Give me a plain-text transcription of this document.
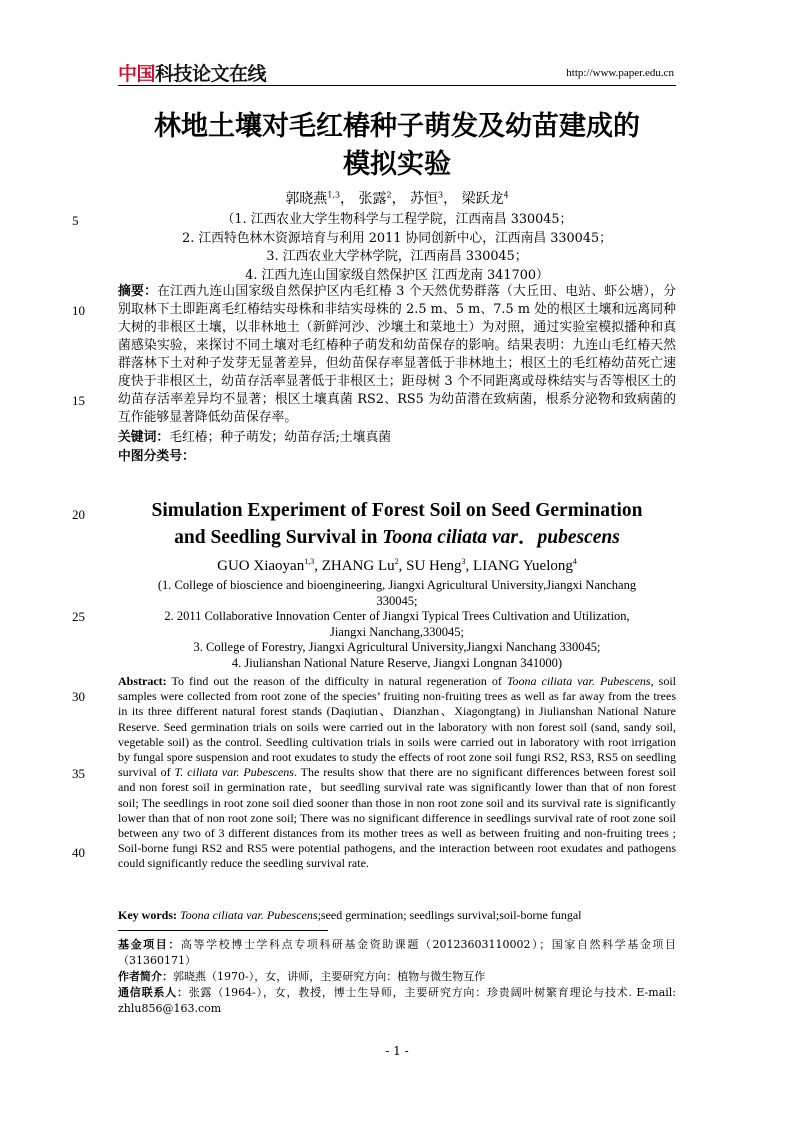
中国科技论文在线	http://www.paper.edu.cn
林地土壤对毛红椿种子萌发及幼苗建成的
模拟实验
郭晓燕$^{1,3}$， 张露$^2$， 苏恒$^3$， 梁跃龙$^4$
（1. 江西农业大学生物科学与工程学院，江西南昌 330045；
2. 江西特色林木资源培育与利用 2011 协同创新中心，江西南昌 330045；
3. 江西农业大学林学院，江西南昌 330045；
4. 江西九连山国家级自然保护区 江西龙南 341700）
5
10
15
20
25
30
35
40
摘要：在江西九连山国家级自然保护区内毛红椿 3 个天然优势群落（大丘田、电站、虾公塘），分别取林下土即距离毛红椿结实母株和非结实母株的 2.5 m、5 m、7.5 m 处的根区土壤和远离同种大树的非根区土壤，以非林地土（新鲜河沙、沙壤土和菜地土）为对照，通过实验室模拟播种和真菌感染实验，来探讨不同土壤对毛红椿种子萌发和幼苗保存的影响。结果表明：九连山毛红椿天然群落林下土对种子发芽无显著差异，但幼苗保存率显著低于非林地土；根区土的毛红椿幼苗死亡速度快于非根区土，幼苗存活率显著低于非根区土；距母树 3 个不同距离或母株结实与否等根区土的幼苗存活率差异均不显著；根区土壤真菌 RS2、RS5 为幼苗潜在致病菌，根系分泌物和致病菌的互作能够显著降低幼苗保存率。
关键词：毛红椿；种子萌发；幼苗存活;土壤真菌
中图分类号：
Simulation Experiment of Forest Soil on Seed Germination
and Seedling Survival in Toona ciliata var．pubescens
GUO Xiaoyan$^{1,3}$, ZHANG Lu$^2$, SU Heng$^3$, LIANG Yuelong$^4$
(1. College of bioscience and bioengineering, Jiangxi Agricultural University,Jiangxi Nanchang
330045;
2. 2011 Collaborative Innovation Center of Jiangxi Typical Trees Cultivation and Utilization,
Jiangxi Nanchang,330045;
3. College of Forestry, Jiangxi Agricultural University,Jiangxi Nanchang 330045;
4. Jiulianshan National Nature Reserve, Jiangxi Longnan 341000)
Abstract: To find out the reason of the difficulty in natural regeneration of Toona ciliata var. Pubescens, soil samples were collected from root zone of the species’ fruiting non-fruiting trees as well as far away from the trees in its three different natural forest stands (Daqiutian、Dianzhan、Xiagongtang) in Jiulianshan National Nature Reserve. Seed germination trials on soils were carried out in the laboratory with non forest soil (sand, sandy soil, vegetable soil) as the control. Seedling cultivation trials in soils were carried out in laboratory with root irrigation by fungal spore suspension and root exudates to study the effects of root zone soil fungi RS2, RS3, RS5 on seedling survival of T. ciliata var. Pubescens. The results show that there are no significant differences between forest soil and non forest soil in germination rate，but seedling survival rate was significantly lower than that of non forest soil; The seedlings in root zone soil died sooner than those in non root zone soil and its survival rate is significantly lower than that of non root zone soil; There was no significant difference in seedlings survival rate of root zone soil between any two of 3 different distances from its mother trees as well as between fruiting and non-fruiting trees ; Soil-borne fungi RS2 and RS5 were potential pathogens, and the interaction between root exudates and pathogens could significantly reduce the seedling survival rate.
Key words: Toona ciliata var. Pubescens;seed germination; seedlings survival;soil-borne fungal
基金项目：高等学校博士学科点专项科研基金资助课题（20123603110002）；国家自然科学基金项目（31360171）
作者简介：郭晓燕（1970-），女，讲师，主要研究方向：植物与微生物互作
通信联系人：张露（1964-），女，教授，博士生导师，主要研究方向：珍贵阔叶树繁育理论与技术. E-mail: zhlu856@163.com
- 1 -
